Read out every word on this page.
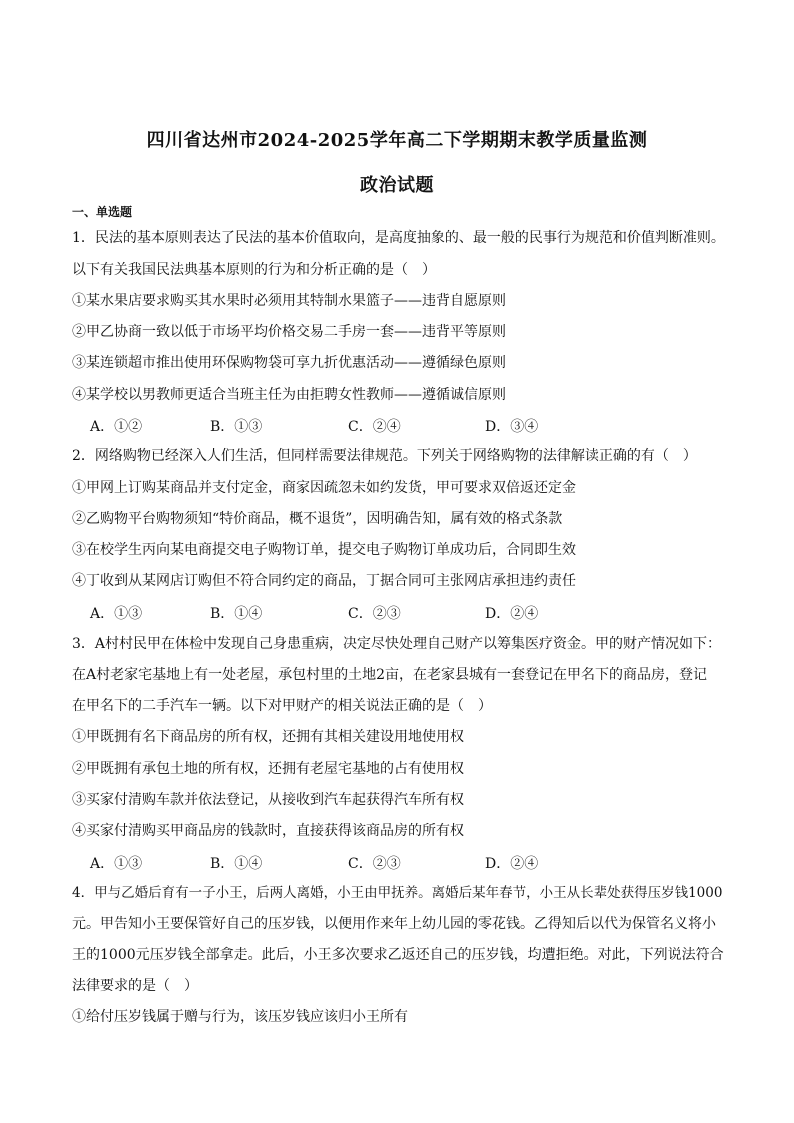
四川省达州市2024-2025学年高二下学期期末教学质量监测
政治试题
一、单选题
1．民法的基本原则表达了民法的基本价值取向，是高度抽象的、最一般的民事行为规范和价值判断准则。
以下有关我国民法典基本原则的行为和分析正确的是（　）
①某水果店要求购买其水果时必须用其特制水果篮子——违背自愿原则
②甲乙协商一致以低于市场平均价格交易二手房一套——违背平等原则
③某连锁超市推出使用环保购物袋可享九折优惠活动——遵循绿色原则
④某学校以男教师更适合当班主任为由拒聘女性教师——遵循诚信原则
A．①②	B．①③	C．②④	D．③④
2．网络购物已经深入人们生活，但同样需要法律规范。下列关于网络购物的法律解读正确的有（　）
①甲网上订购某商品并支付定金，商家因疏忽未如约发货，甲可要求双倍返还定金
②乙购物平台购物须知“特价商品，概不退货”，因明确告知，属有效的格式条款
③在校学生丙向某电商提交电子购物订单，提交电子购物订单成功后，合同即生效
④丁收到从某网店订购但不符合同约定的商品，丁据合同可主张网店承担违约责任
A．①③	B．①④	C．②③	D．②④
3．A村村民甲在体检中发现自己身患重病，决定尽快处理自己财产以筹集医疗资金。甲的财产情况如下：
在A村老家宅基地上有一处老屋，承包村里的土地2亩，在老家县城有一套登记在甲名下的商品房，登记
在甲名下的二手汽车一辆。以下对甲财产的相关说法正确的是（　）
①甲既拥有名下商品房的所有权，还拥有其相关建设用地使用权
②甲既拥有承包土地的所有权，还拥有老屋宅基地的占有使用权
③买家付清购车款并依法登记，从接收到汽车起获得汽车所有权
④买家付清购买甲商品房的钱款时，直接获得该商品房的所有权
A．①③	B．①④	C．②③	D．②④
4．甲与乙婚后育有一子小王，后两人离婚，小王由甲抚养。离婚后某年春节，小王从长辈处获得压岁钱1000
元。甲告知小王要保管好自己的压岁钱，以便用作来年上幼儿园的零花钱。乙得知后以代为保管名义将小
王的1000元压岁钱全部拿走。此后，小王多次要求乙返还自己的压岁钱，均遭拒绝。对此，下列说法符合
法律要求的是（　）
①给付压岁钱属于赠与行为，该压岁钱应该归小王所有
